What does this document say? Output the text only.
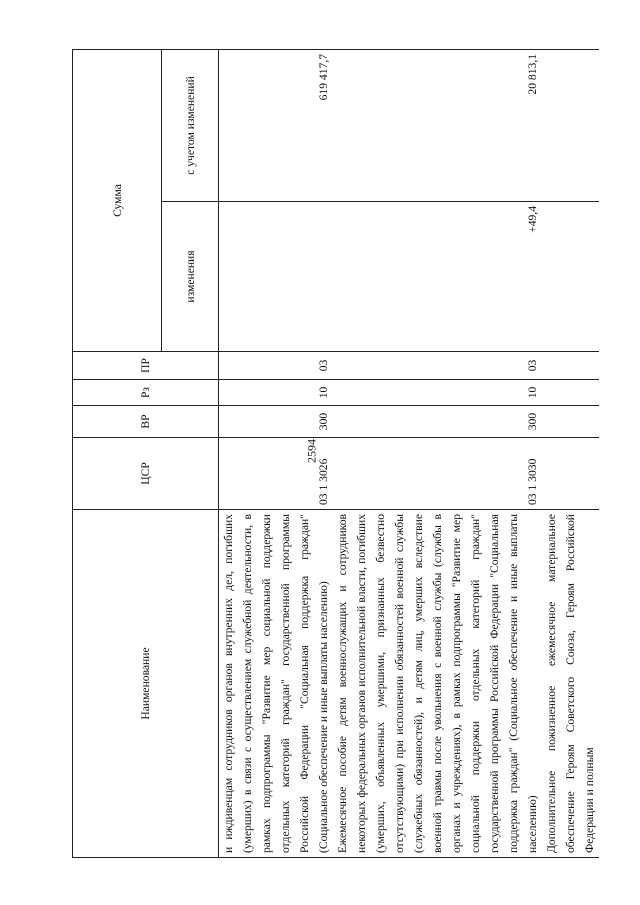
2594
Наименование	ЦСР	ВР	Рз	ПР	Сумма	
					изменения	с учетом изменений
и иждивенцам сотрудников органов внутренних дел, погибших (умерших) в связи с осуществлением служебной деятельности, в рамках подпрограммы "Развитие мер социальной поддержки отдельных категорий граждан" государственной программы Российской Федерации "Социальная поддержка граждан" (Социальное обеспечение и иные выплаты населению)	03 1 3026	300	10	03		619 417,7
Ежемесячное пособие детям военнослужащих и сотрудников некоторых федеральных органов исполнительной власти, погибших (умерших, объявленных умершими, признанных безвестно отсутствующими) при исполнении обязанностей военной службы (служебных обязанностей), и детям лиц, умерших вследствие военной травмы после увольнения с военной службы (службы в органах и учреждениях), в рамках подпрограммы "Развитие мер социальной поддержки отдельных категорий граждан" государственной программы Российской Федерации "Социальная поддержка граждан" (Социальное обеспечение и иные выплаты населению)	03 1 3030	300	10	03	+49,4	20 813,1
Дополнительное пожизненное ежемесячное материальное обеспечение Героям Советского Союза, Героям Российской Федерации и полным						
